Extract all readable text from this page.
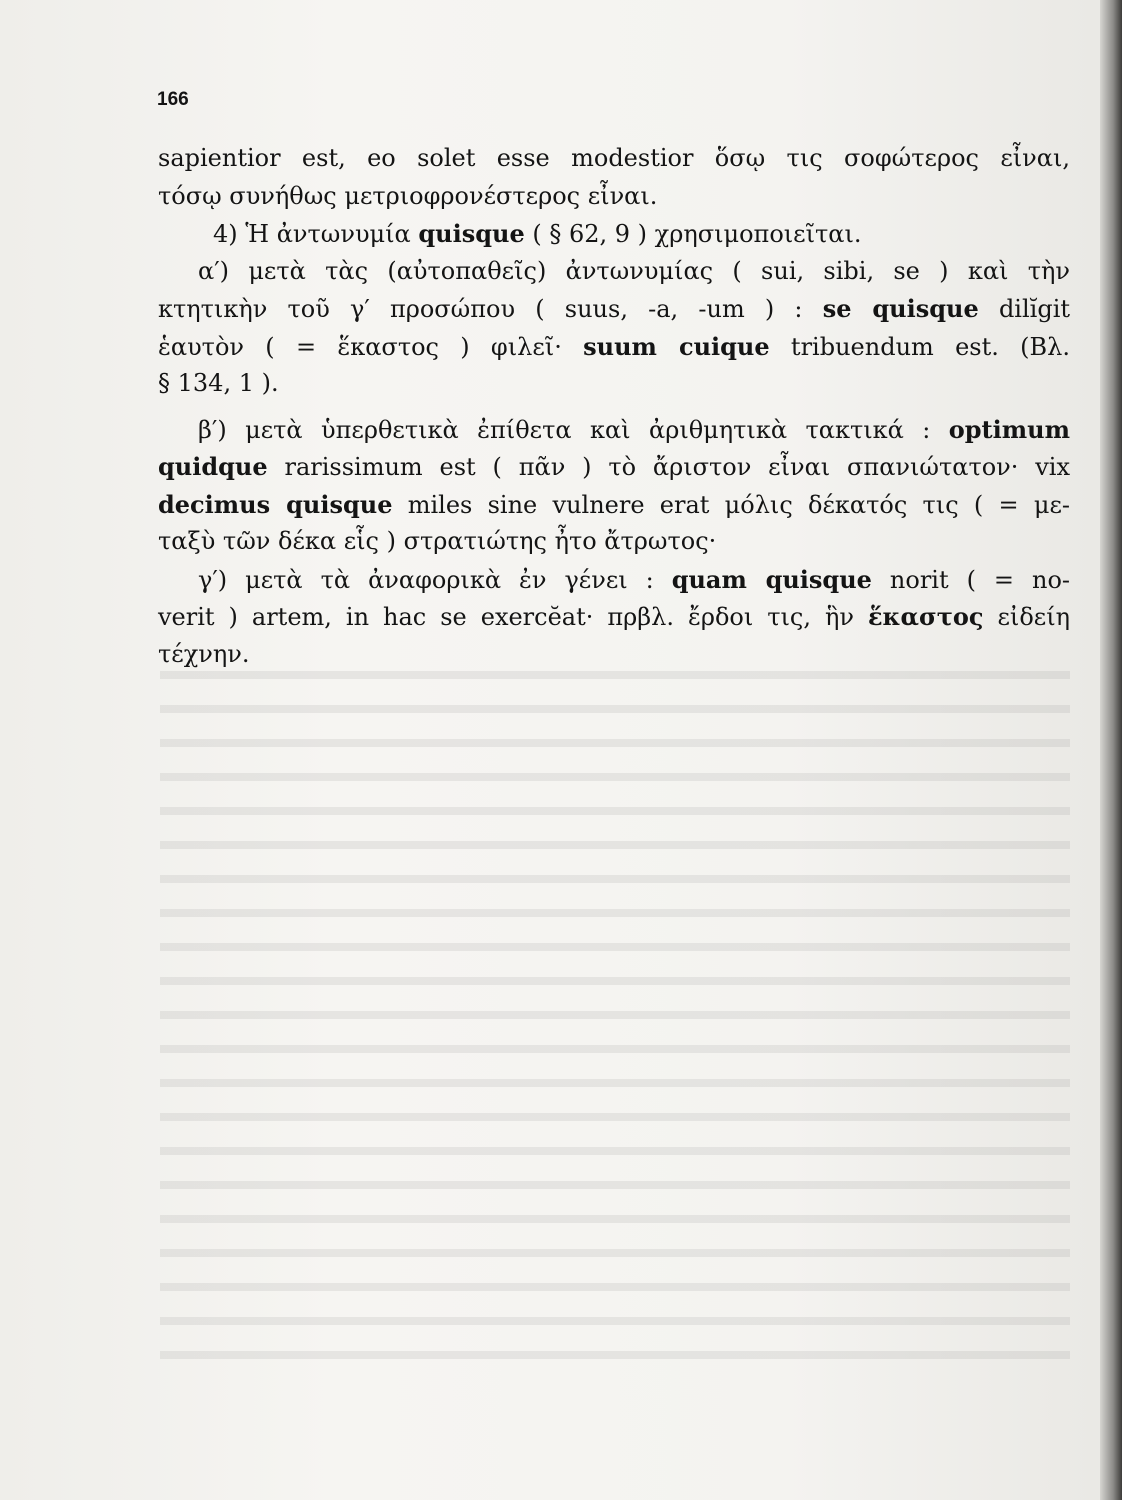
166
sapientior est, eo solet esse modestior ὅσῳ τις σοφώτερος εἶναι,
τόσῳ συνήθως μετριοφρονέστερος εἶναι.
4) Ἡ ἀντωνυμία quisque ( § 62, 9 ) χρησιμοποιεῖται.
α′) μετὰ τὰς (αὐτοπαθεῖς) ἀντωνυμίας ( sui, sibi, se ) καὶ τὴν
κτητικὴν τοῦ γ′ προσώπου ( suus, -a, -um ) : se quisque dilĭgit
ἑαυτὸν ( = ἕκαστος ) φιλεῖ· suum cuique tribuendum est. (Βλ.
§ 134, 1 ).
β′) μετὰ ὑπερθετικὰ ἐπίθετα καὶ ἀριθμητικὰ τακτικά : optimum
quidque rarissimum est ( πᾶν ) τὸ ἄριστον εἶναι σπανιώτατον· vix
decimus quisque miles sine vulnere erat μόλις δέκατός τις ( = με-
ταξὺ τῶν δέκα εἷς ) στρατιώτης ἦτο ἄτρωτος·
γ′) μετὰ τὰ ἀναφορικὰ ἐν γένει : quam quisque norit ( = no-
verit ) artem, in hac se exercĕat· πρβλ. ἔρδοι τις, ἣν ἕκαστος εἰδείη
τέχνην.
